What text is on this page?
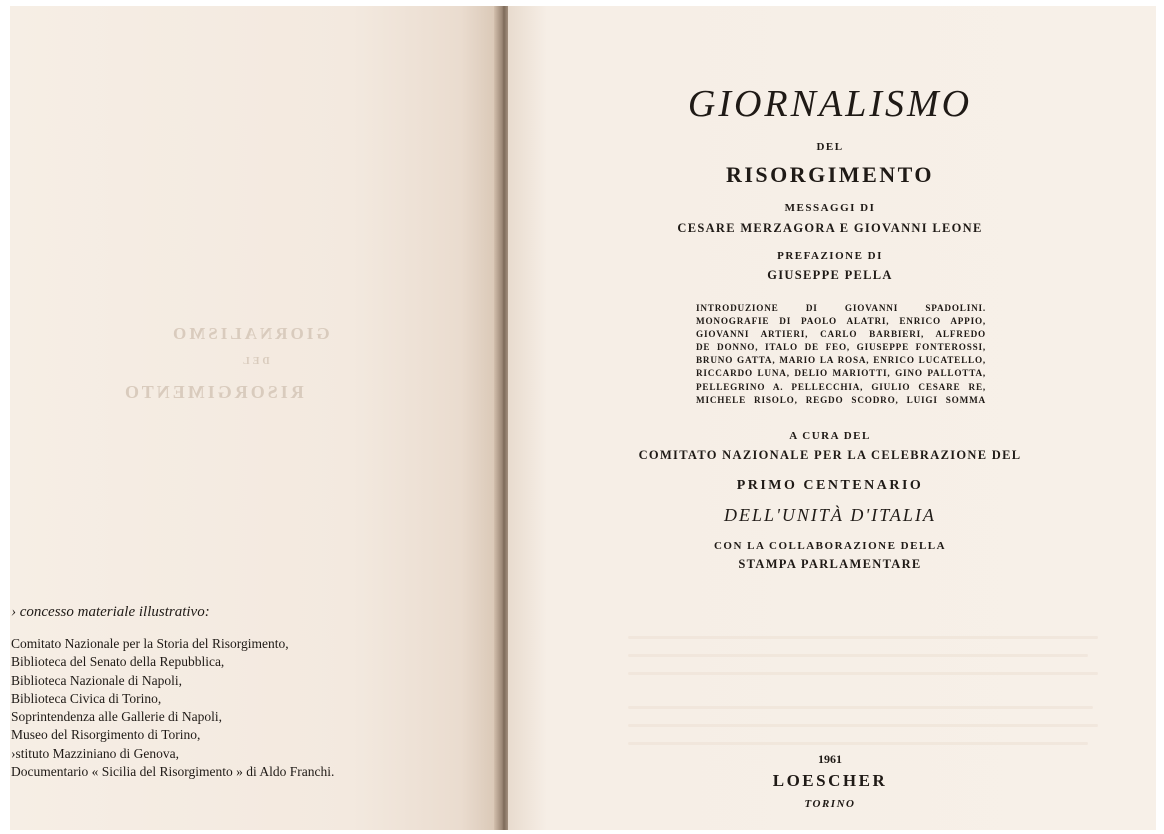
GIORNALISMO
DEL
RISORGIMENTO

› concesso materiale illustrativo:

Comitato Nazionale per la Storia del Risorgimento,
Biblioteca del Senato della Repubblica,
Biblioteca Nazionale di Napoli,
Biblioteca Civica di Torino,
Soprintendenza alle Gallerie di Napoli,
Museo del Risorgimento di Torino,
›stituto Mazziniano di Genova,
Documentario « Sicilia del Risorgimento » di Aldo Franchi.
GIORNALISMO

DEL

RISORGIMENTO

MESSAGGI DI

CESARE MERZAGORA E GIOVANNI LEONE

PREFAZIONE DI

GIUSEPPE PELLA

A CURA DEL

COMITATO NAZIONALE PER LA CELEBRAZIONE DEL

PRIMO CENTENARIO

DELL'UNITÀ D'ITALIA

CON LA COLLABORAZIONE DELLA

STAMPA PARLAMENTARE

1961

LOESCHER

TORINO

INTRODUZIONE DI GIOVANNI SPADOLINI.
MONOGRAFIE DI PAOLO ALATRI, ENRICO APPIO,
GIOVANNI ARTIERI, CARLO BARBIERI, ALFREDO
DE DONNO, ITALO DE FEO, GIUSEPPE FONTEROSSI,
BRUNO GATTA, MARIO LA ROSA, ENRICO LUCATELLO,
RICCARDO LUNA, DELIO MARIOTTI, GINO PALLOTTA,
PELLEGRINO A. PELLECCHIA, GIULIO CESARE RE,
MICHELE RISOLO, REGDO SCODRO, LUIGI SOMMA
